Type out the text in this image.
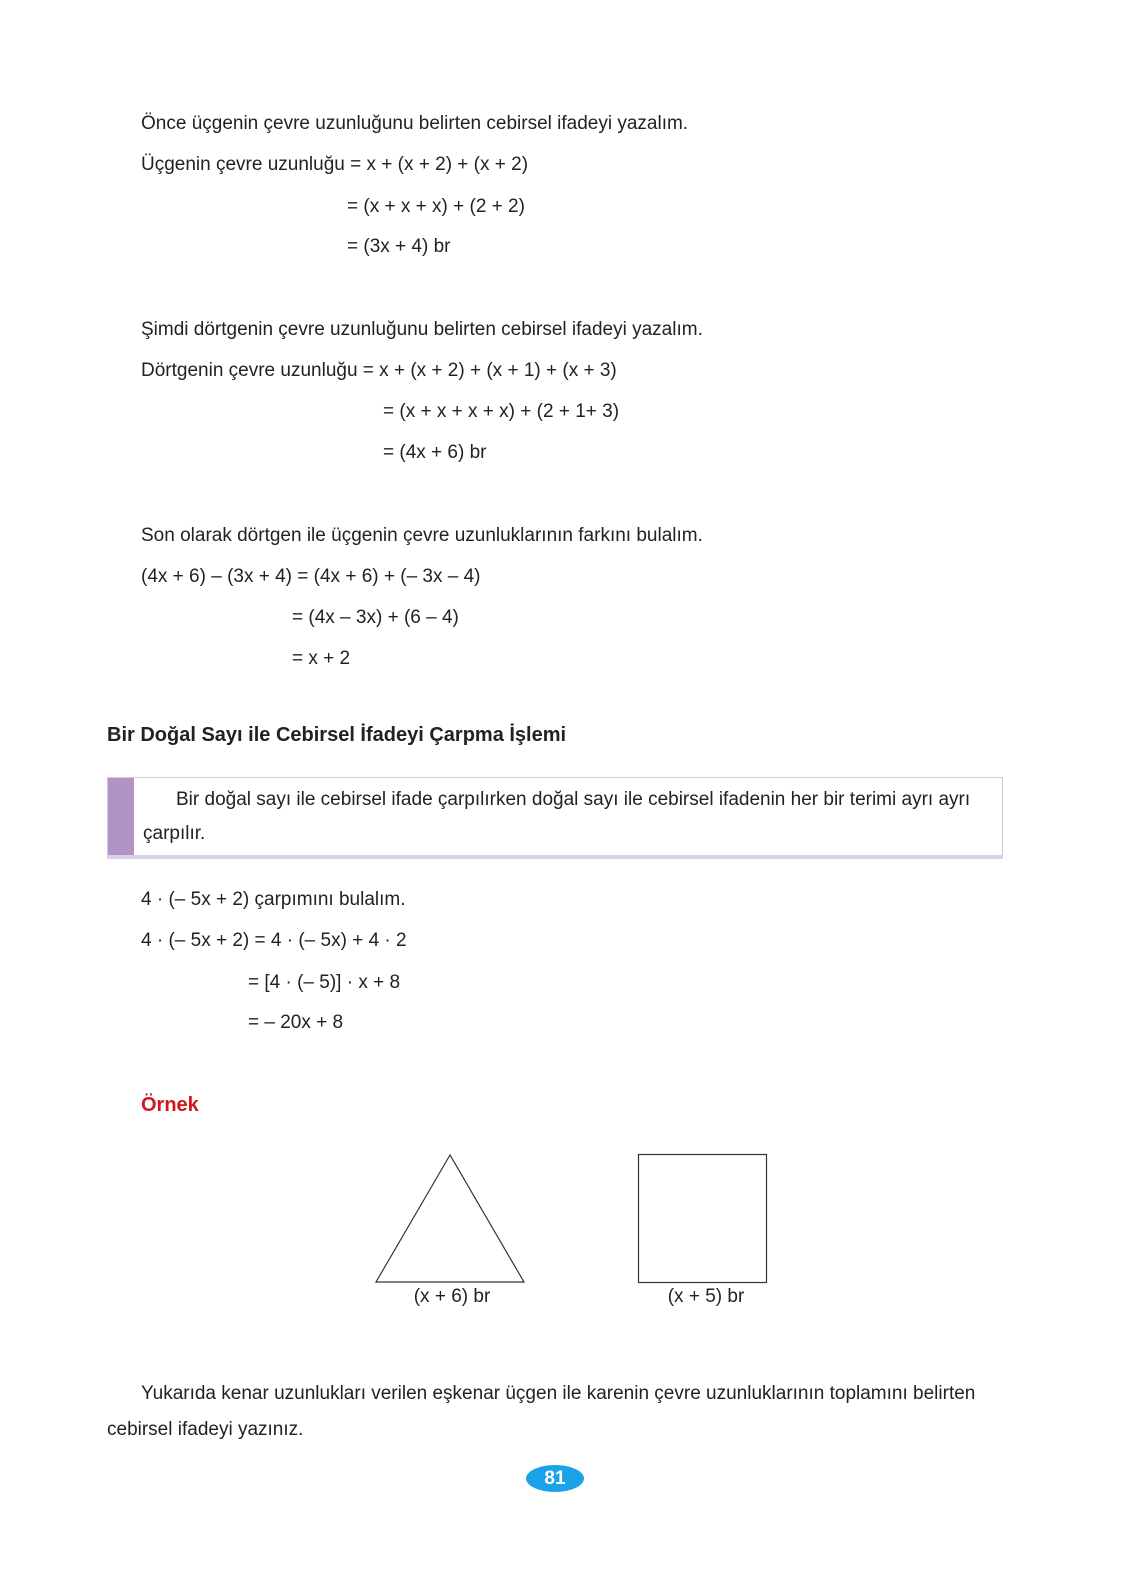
Önce üçgenin çevre uzunluğunu belirten cebirsel ifadeyi yazalım.
Üçgenin çevre uzunluğu = x + (x + 2) + (x + 2)
= (x + x + x) + (2 + 2)
= (3x + 4) br
Şimdi dörtgenin çevre uzunluğunu belirten cebirsel ifadeyi yazalım.
Dörtgenin çevre uzunluğu = x + (x + 2) + (x + 1) + (x + 3)
= (x + x + x + x) + (2 + 1+ 3)
= (4x + 6) br
Son olarak dörtgen ile üçgenin çevre uzunluklarının farkını bulalım.
(4x + 6) – (3x + 4) = (4x + 6) + (– 3x – 4)
= (4x – 3x) + (6 – 4)
= x + 2
Bir Doğal Sayı ile Cebirsel İfadeyi Çarpma İşlemi
Bir doğal sayı ile cebirsel ifade çarpılırken doğal sayı ile cebirsel ifadenin her bir terimi ayrı ayrı
çarpılır.
4 · (– 5x + 2) çarpımını bulalım.
4 · (– 5x + 2) = 4 · (– 5x) + 4 · 2
= [4 · (– 5)] · x + 8
= – 20x + 8
Örnek
(x + 6) br	(x + 5) br
Yukarıda kenar uzunlukları verilen eşkenar üçgen ile karenin çevre uzunluklarının toplamını belirten
cebirsel ifadeyi yazınız.
81
